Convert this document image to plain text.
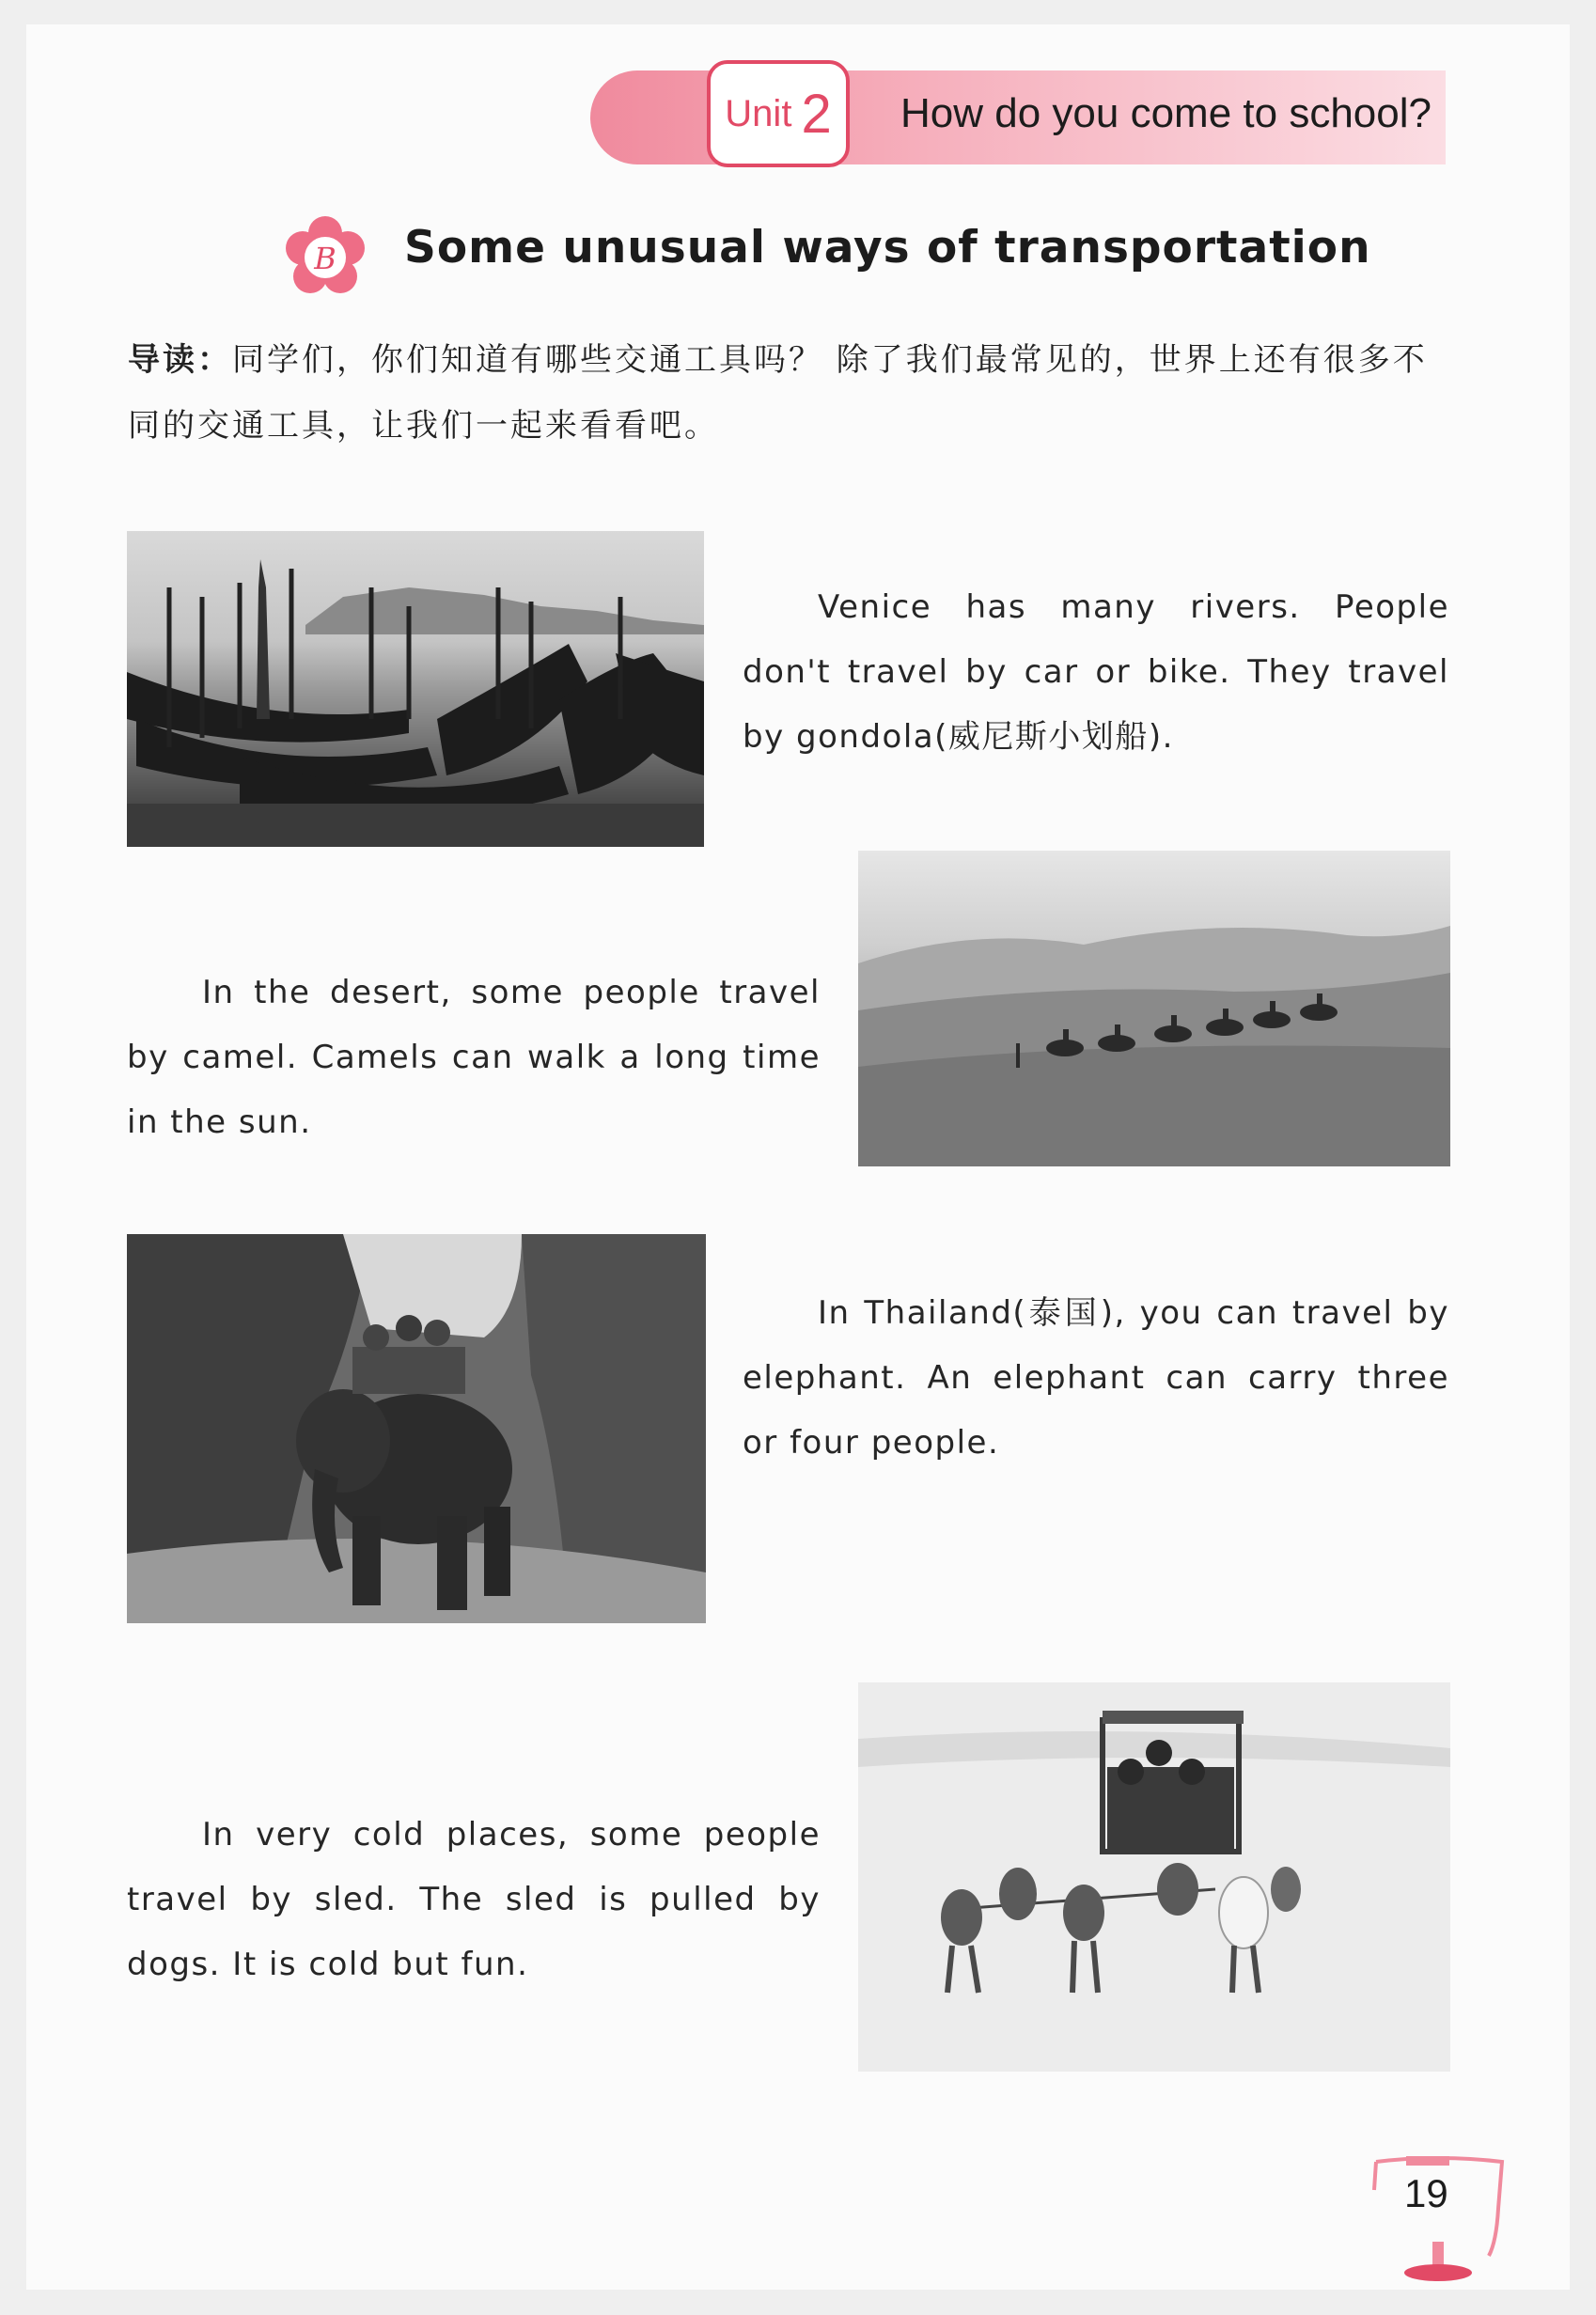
Unit 2 How do you come to school?
B Some unusual ways of transportation
导读：同学们，你们知道有哪些交通工具吗？ 除了我们最常见的，世界上还有很多不同的交通工具，让我们一起来看看吧。
Venice has many rivers. People don't travel by car or bike. They travel by gondola(威尼斯小划船).
In the desert, some people travel by camel. Camels can walk a long time in the sun.
In Thailand(泰国), you can travel by elephant. An elephant can carry three or four people.
In very cold places, some people travel by sled. The sled is pulled by dogs. It is cold but fun.
19
